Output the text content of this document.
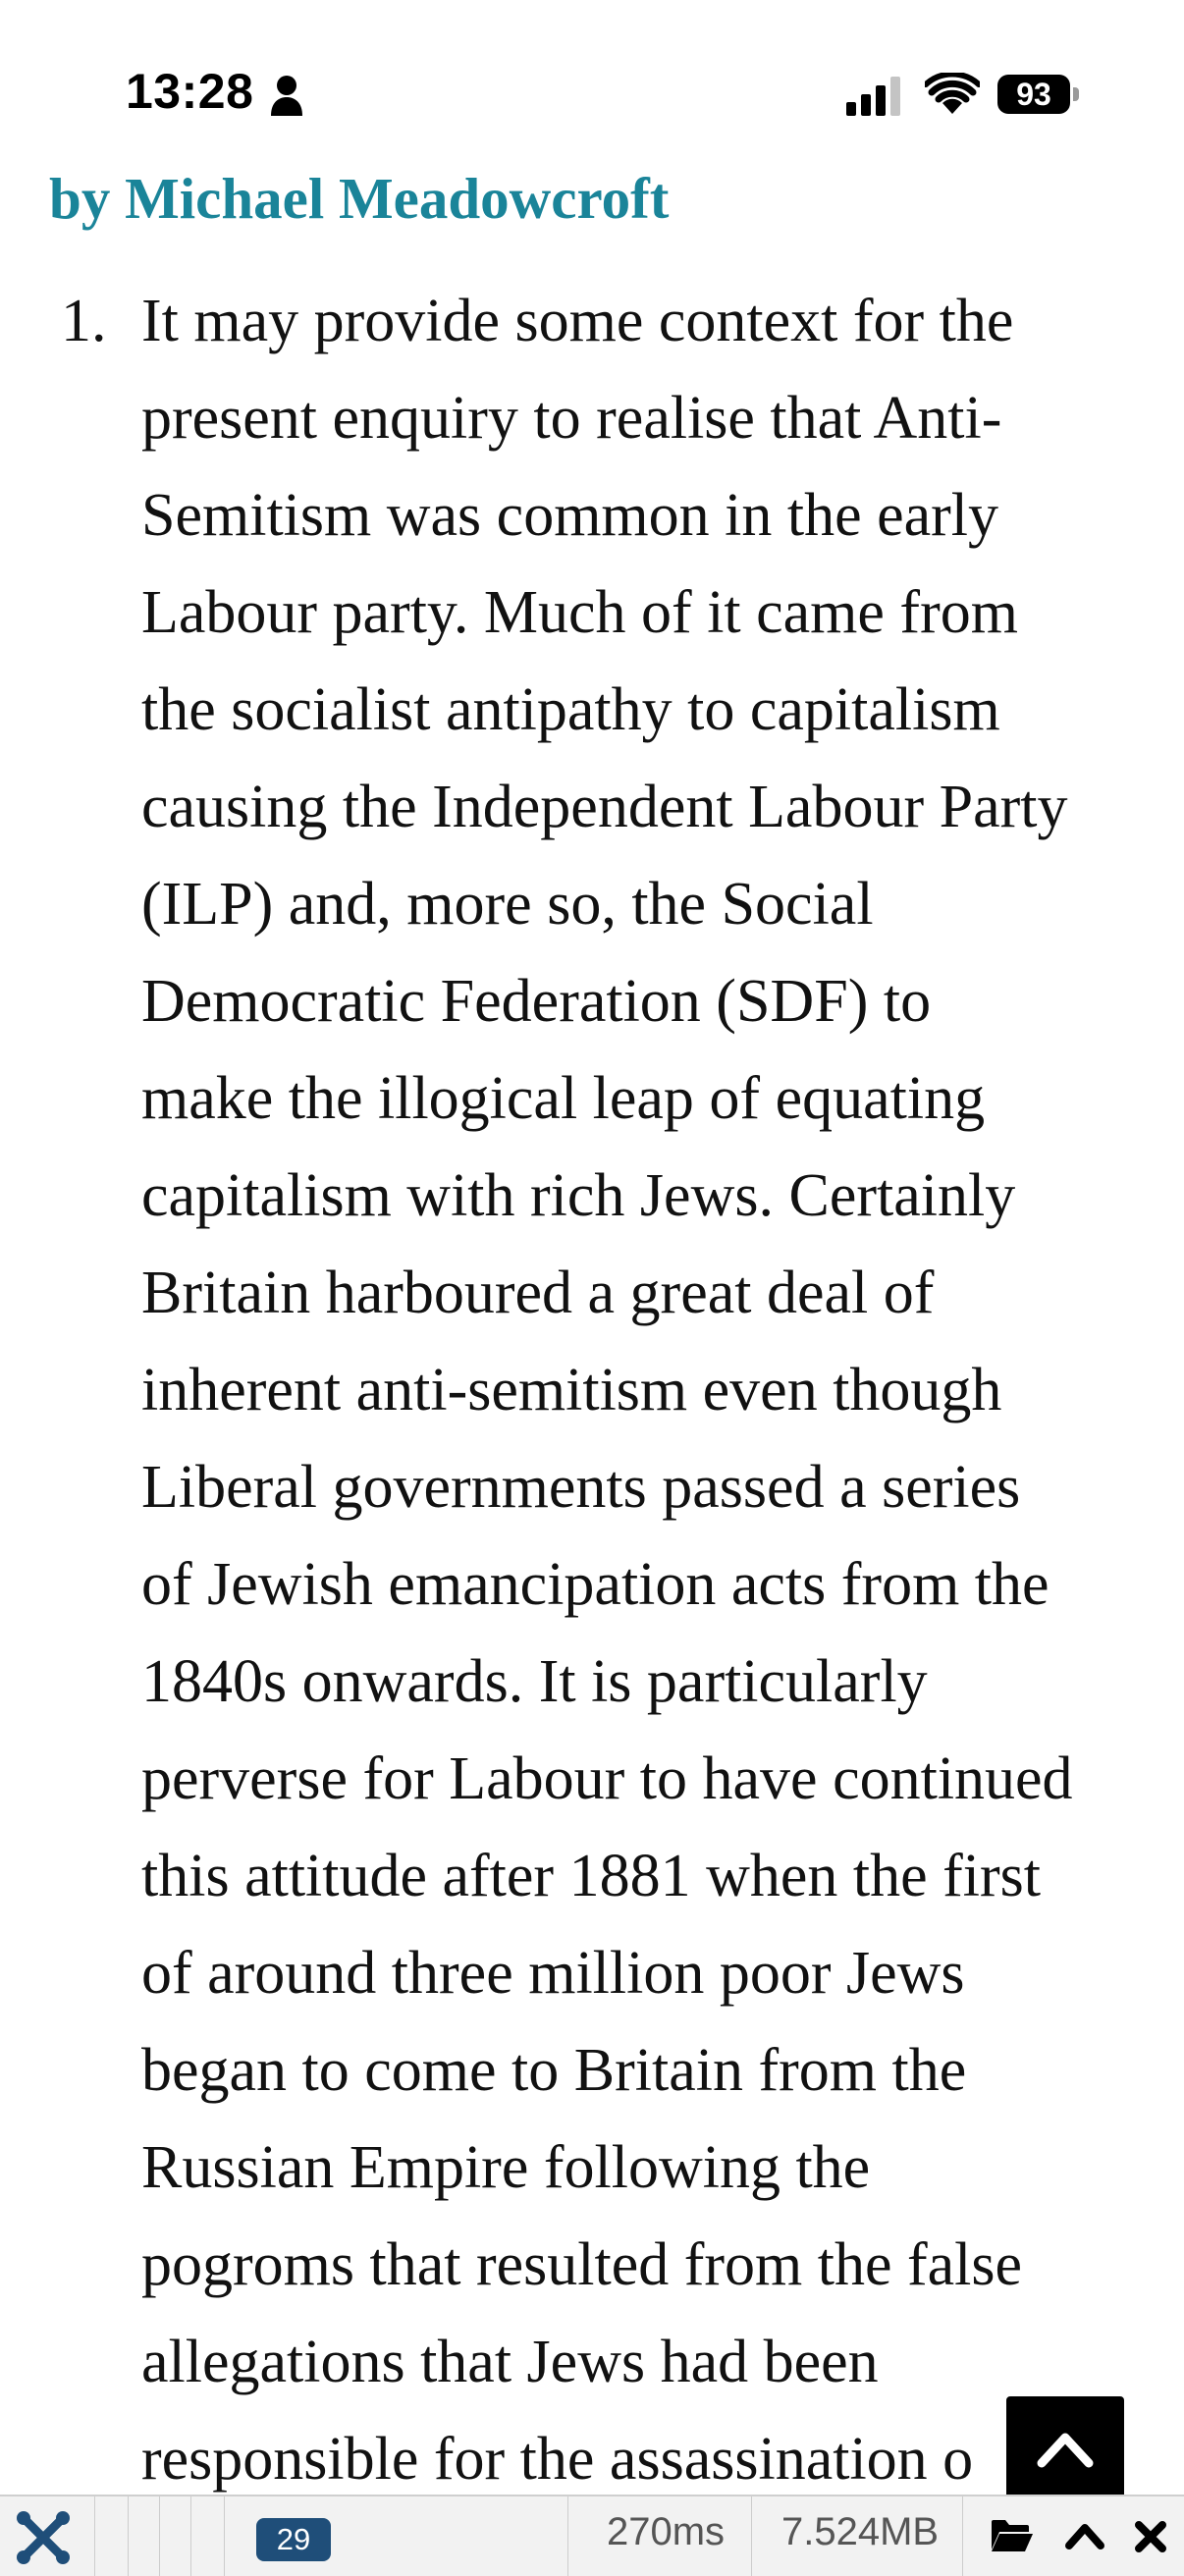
13:28	93
by Michael Meadowcroft
1. It may provide some context for the
present enquiry to realise that Anti-
Semitism was common in the early
Labour party. Much of it came from
the socialist antipathy to capitalism
causing the Independent Labour Party
(ILP) and, more so, the Social
Democratic Federation (SDF) to
make the illogical leap of equating
capitalism with rich Jews. Certainly
Britain harboured a great deal of
inherent anti-semitism even though
Liberal governments passed a series
of Jewish emancipation acts from the
1840s onwards. It is particularly
perverse for Labour to have continued
this attitude after 1881 when the first
of around three million poor Jews
began to come to Britain from the
Russian Empire following the
pogroms that resulted from the false
allegations that Jews had been
responsible for the assassination o
29	270ms 7.524MB
